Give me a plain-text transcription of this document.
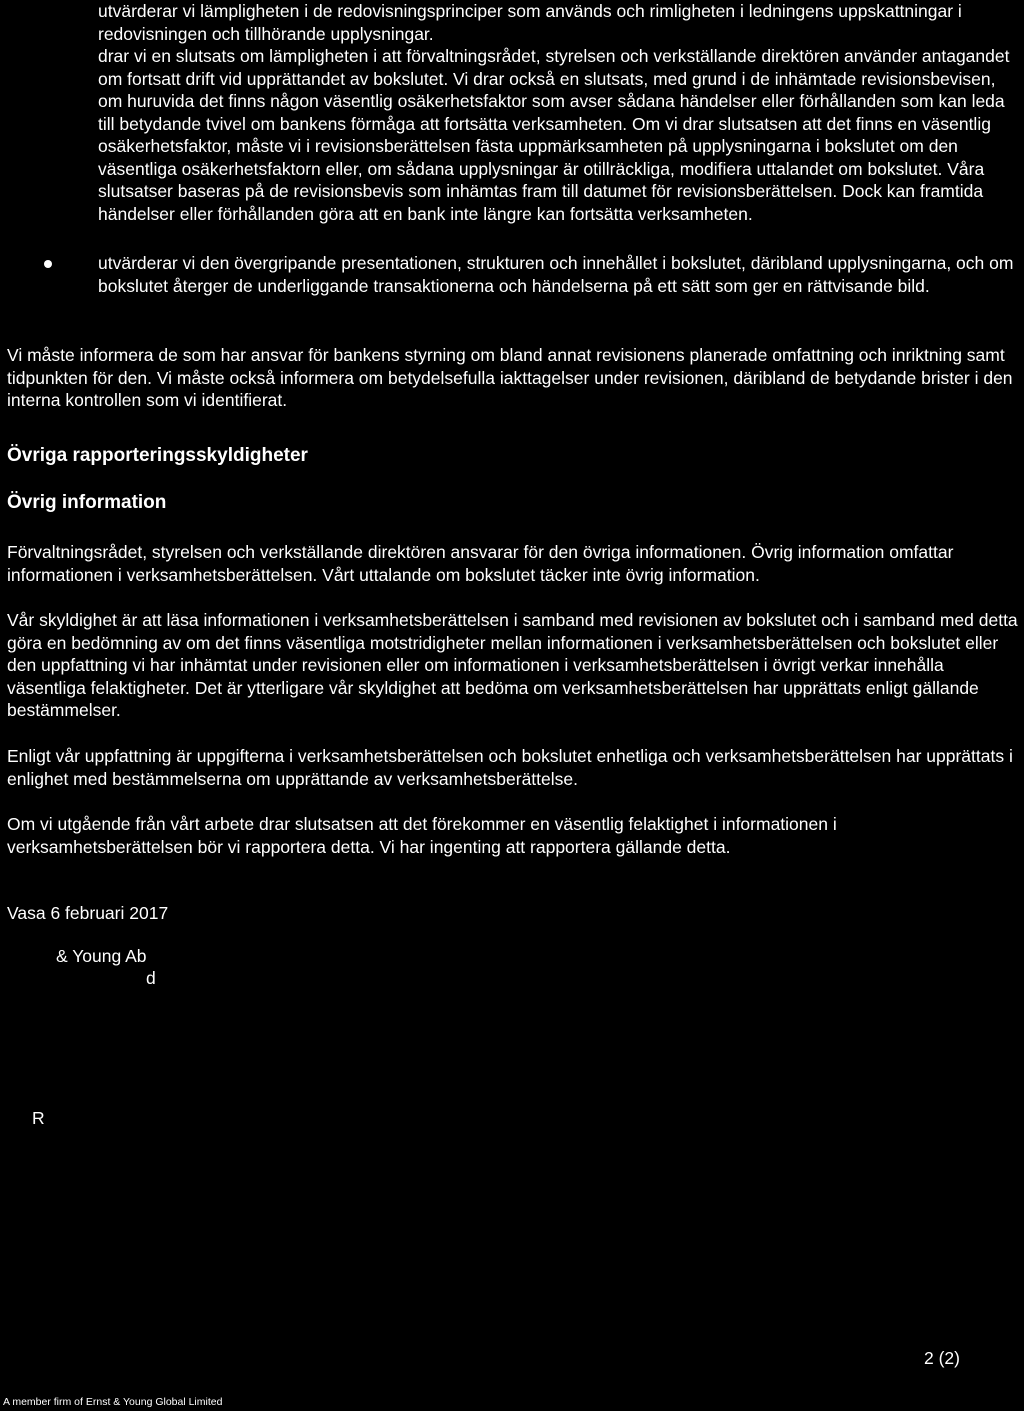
utvärderar vi lämpligheten i de redovisningsprinciper som används och rimligheten i ledningens uppskattningar i redovisningen och tillhörande upplysningar.
drar vi en slutsats om lämpligheten i att förvaltningsrådet, styrelsen och verkställande direktören använder antagandet om fortsatt drift vid upprättandet av bokslutet. Vi drar också en slutsats, med grund i de inhämtade revisionsbevisen, om huruvida det finns någon väsentlig osäkerhetsfaktor som avser sådana händelser eller förhållanden som kan leda till betydande tvivel om bankens förmåga att fortsätta verksamheten. Om vi drar slutsatsen att det finns en väsentlig osäkerhetsfaktor, måste vi i revisionsberättelsen fästa uppmärksamheten på upplysningarna i bokslutet om den väsentliga osäkerhetsfaktorn eller, om sådana upplysningar är otillräckliga, modifiera uttalandet om bokslutet. Våra slutsatser baseras på de revisionsbevis som inhämtas fram till datumet för revisionsberättelsen. Dock kan framtida händelser eller förhållanden göra att en bank inte längre kan fortsätta verksamheten.
utvärderar vi den övergripande presentationen, strukturen och innehållet i bokslutet, däribland upplysningarna, och om bokslutet återger de underliggande transaktionerna och händelserna på ett sätt som ger en rättvisande bild.
Vi måste informera de som har ansvar för bankens styrning om bland annat revisionens planerade omfattning och inriktning samt tidpunkten för den. Vi måste också informera om betydelsefulla iakttagelser under revisionen, däribland de betydande brister i den interna kontrollen som vi identifierat.
Övriga rapporteringsskyldigheter
Övrig information
Förvaltningsrådet, styrelsen och verkställande direktören ansvarar för den övriga informationen. Övrig information omfattar informationen i verksamhetsberättelsen. Vårt uttalande om bokslutet täcker inte övrig information.
Vår skyldighet är att läsa informationen i verksamhetsberättelsen i samband med revisionen av bokslutet och i samband med detta göra en bedömning av om det finns väsentliga motstridigheter mellan informationen i verksamhetsberättelsen och bokslutet eller den uppfattning vi har inhämtat under revisionen eller om informationen i verksamhetsberättelsen i övrigt verkar innehålla väsentliga felaktigheter. Det är ytterligare vår skyldighet att bedöma om verksamhetsberättelsen har upprättats enligt gällande bestämmelser.
Enligt vår uppfattning är uppgifterna i verksamhetsberättelsen och bokslutet enhetliga och verksamhetsberättelsen har upprättats i enlighet med bestämmelserna om upprättande av verksamhetsberättelse.
Om vi utgående från vårt arbete drar slutsatsen att det förekommer en väsentlig felaktighet i informationen i verksamhetsberättelsen bör vi rapportera detta. Vi har ingenting att rapportera gällande detta.
Vasa 6 februari 2017
& Young Ab
d
R
2 (2)
A member firm of Ernst & Young Global Limited
